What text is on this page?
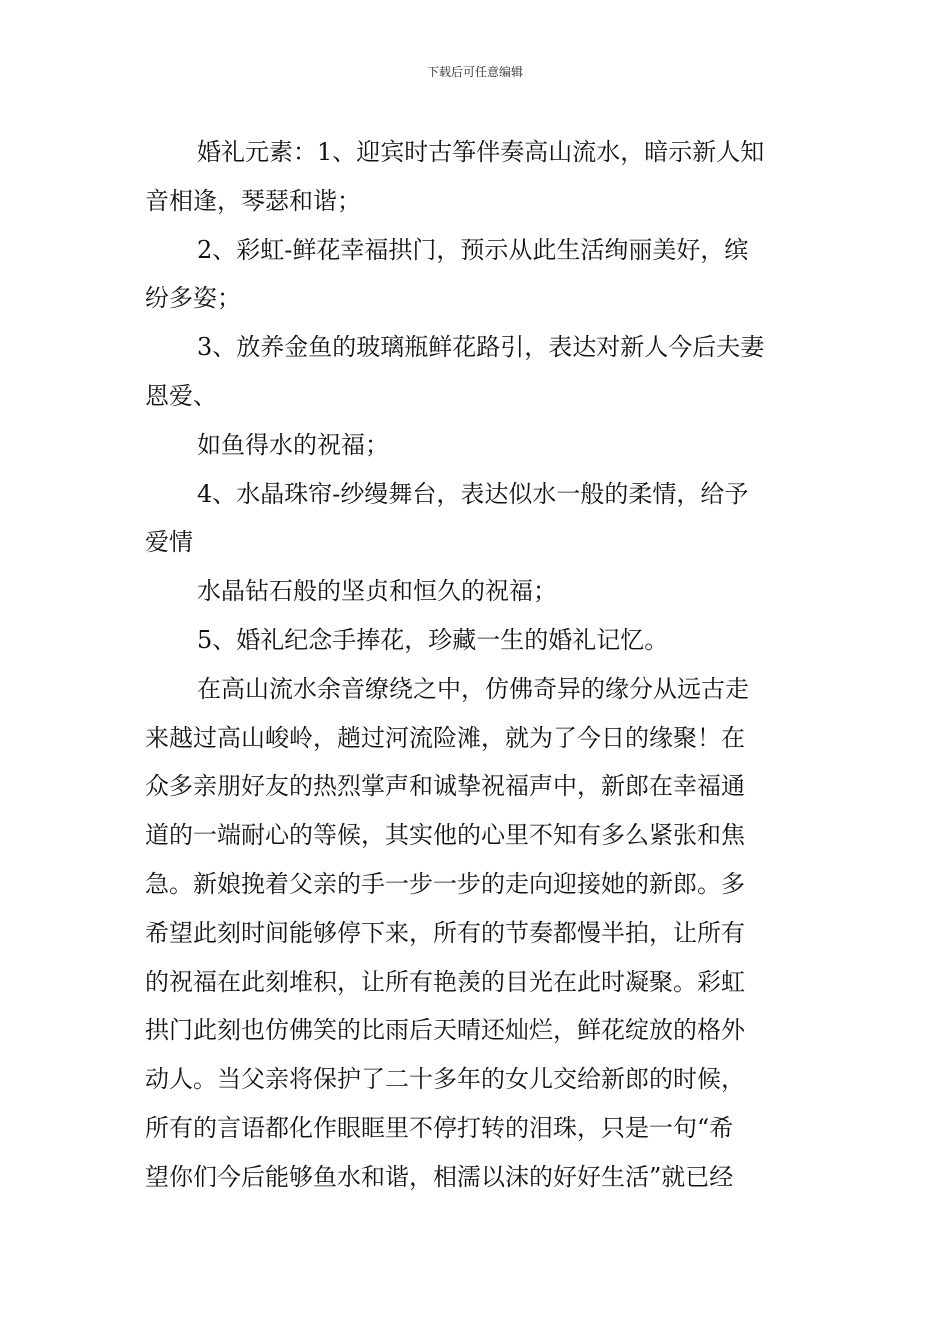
下载后可任意编辑
婚礼元素：1、迎宾时古筝伴奏高山流水，暗示新人知
音相逢，琴瑟和谐；
2、彩虹-鲜花幸福拱门，预示从此生活绚丽美好，缤
纷多姿；
3、放养金鱼的玻璃瓶鲜花路引，表达对新人今后夫妻
恩爱、
如鱼得水的祝福；
4、水晶珠帘-纱缦舞台，表达似水一般的柔情，给予
爱情
水晶钻石般的坚贞和恒久的祝福；
5、婚礼纪念手捧花，珍藏一生的婚礼记忆。
在高山流水余音缭绕之中，仿佛奇异的缘分从远古走
来越过高山峻岭，趟过河流险滩，就为了今日的缘聚！在
众多亲朋好友的热烈掌声和诚挚祝福声中，新郎在幸福通
道的一端耐心的等候，其实他的心里不知有多么紧张和焦
急。新娘挽着父亲的手一步一步的走向迎接她的新郎。多
希望此刻时间能够停下来，所有的节奏都慢半拍，让所有
的祝福在此刻堆积，让所有艳羡的目光在此时凝聚。彩虹
拱门此刻也仿佛笑的比雨后天晴还灿烂，鲜花绽放的格外
动人。当父亲将保护了二十多年的女儿交给新郎的时候，
所有的言语都化作眼眶里不停打转的泪珠，只是一句“希
望你们今后能够鱼水和谐，相濡以沫的好好生活”就已经
